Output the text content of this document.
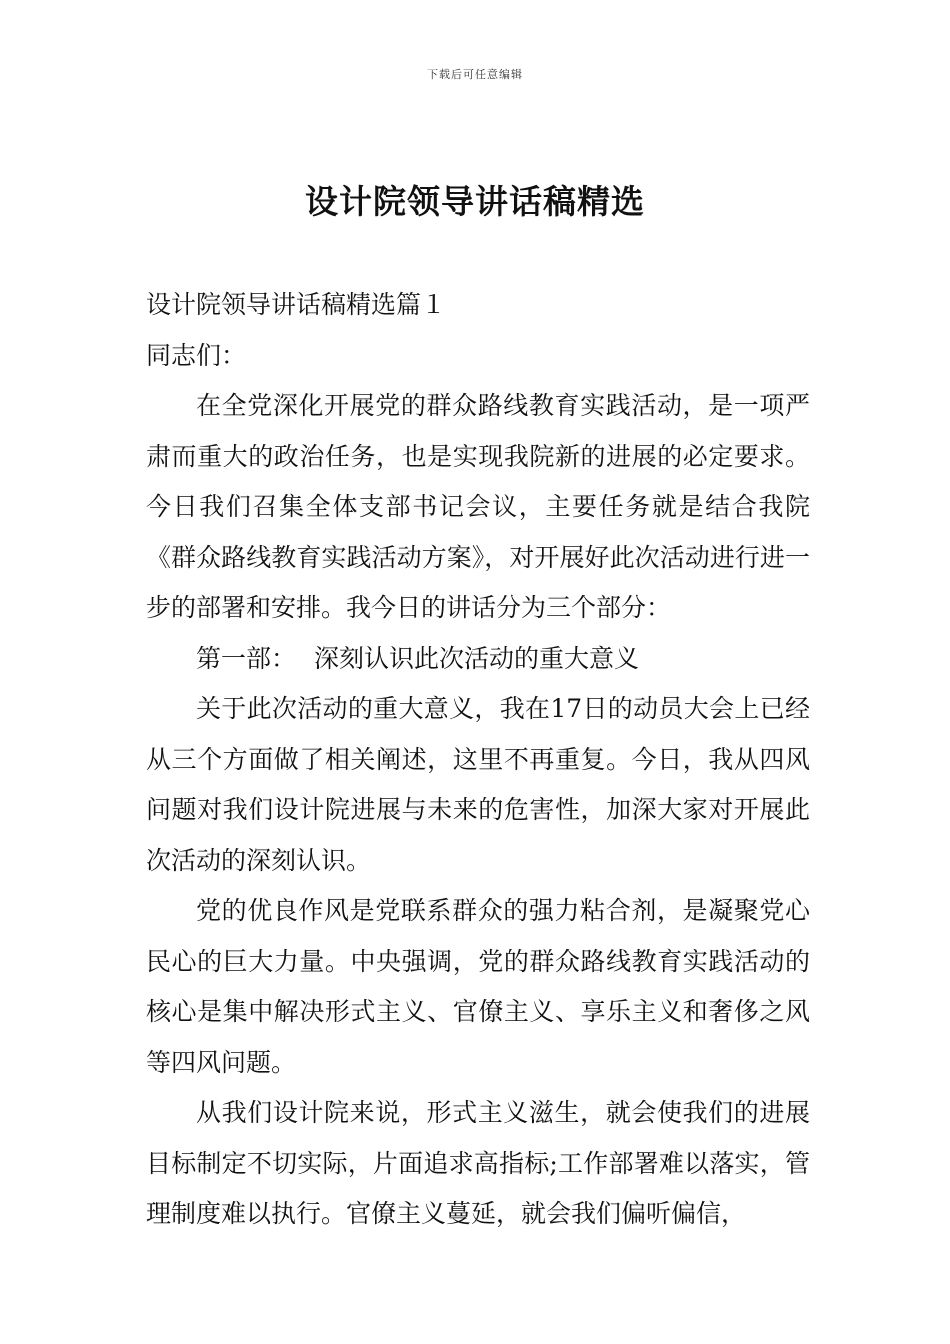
下载后可任意编辑
设计院领导讲话稿精选

设计院领导讲话稿精选篇１

同志们：

在全党深化开展党的群众路线教育实践活动，是一项严肃而重大的政治任务，也是实现我院新的进展的必定要求。今日我们召集全体支部书记会议，主要任务就是结合我院《群众路线教育实践活动方案》，对开展好此次活动进行进一步的部署和安排。我今日的讲话分为三个部分：

第一部： 深刻认识此次活动的重大意义

关于此次活动的重大意义，我在17日的动员大会上已经从三个方面做了相关阐述，这里不再重复。今日，我从四风问题对我们设计院进展与未来的危害性，加深大家对开展此次活动的深刻认识。

党的优良作风是党联系群众的强力粘合剂，是凝聚党心民心的巨大力量。中央强调，党的群众路线教育实践活动的核心是集中解决形式主义、官僚主义、享乐主义和奢侈之风等四风问题。

从我们设计院来说，形式主义滋生，就会使我们的进展目标制定不切实际，片面追求高指标;工作部署难以落实，管理制度难以执行。官僚主义蔓延，就会我们偏听偏信，
